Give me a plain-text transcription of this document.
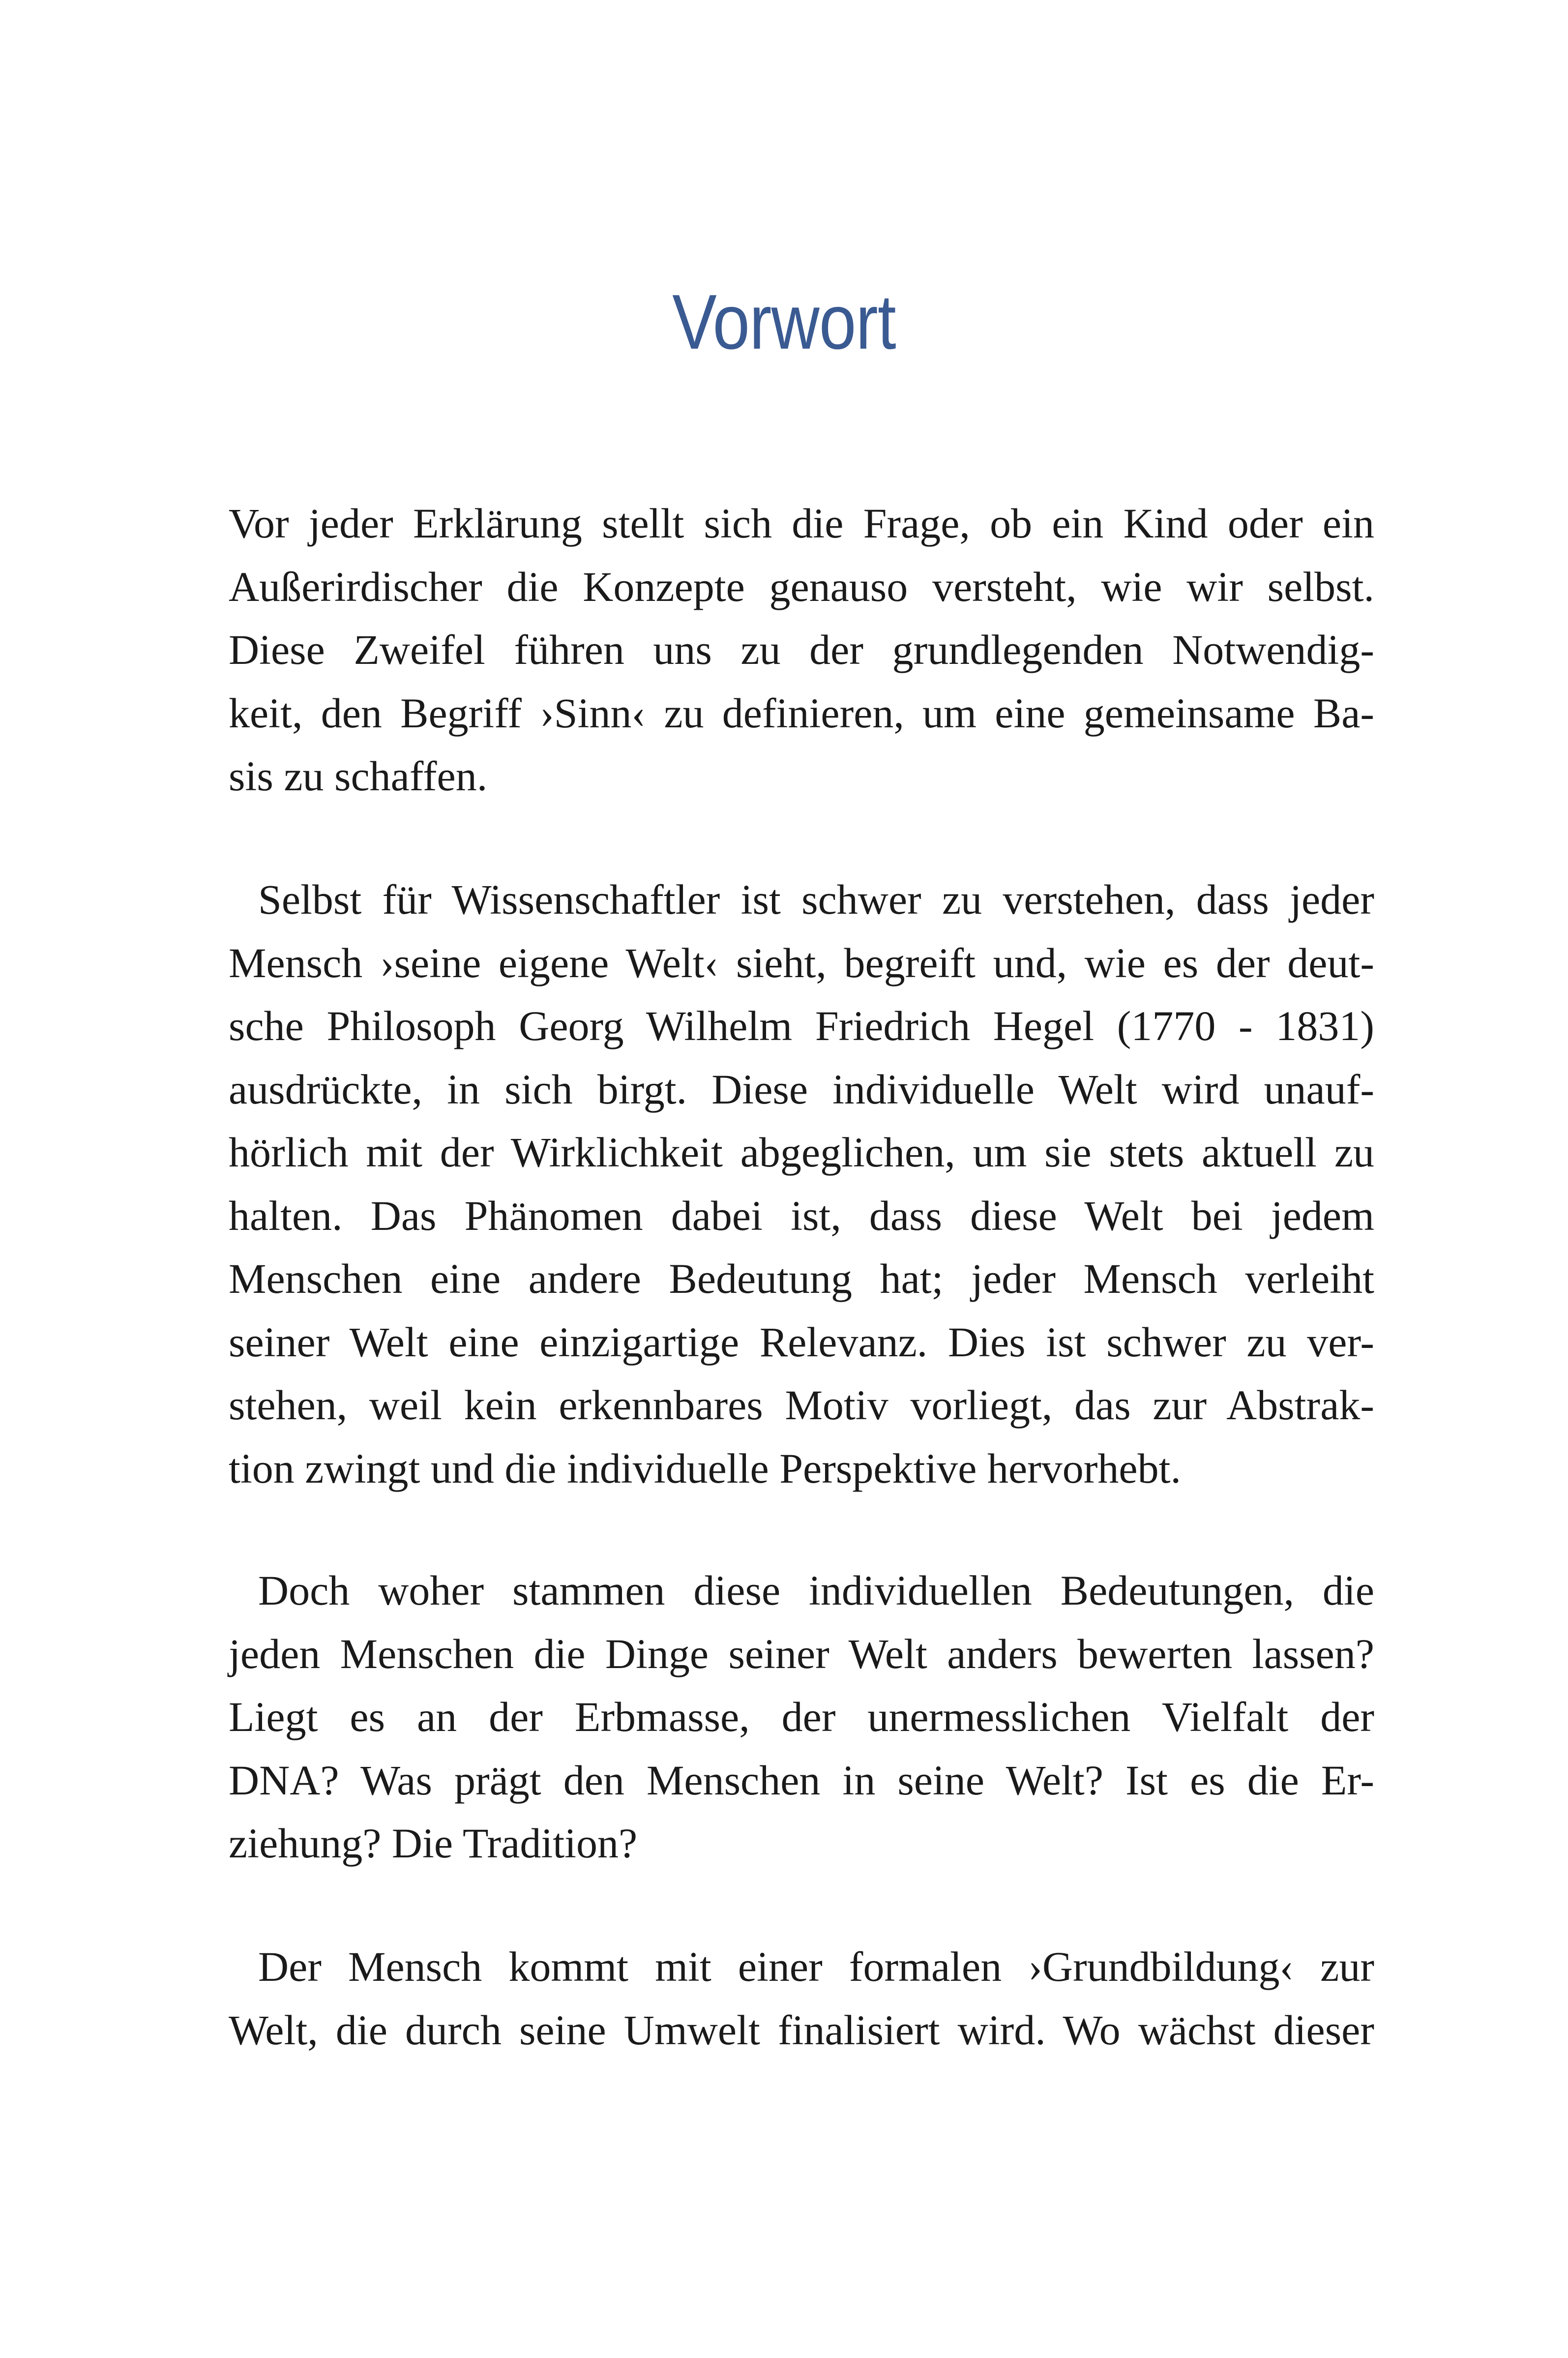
Vorwort
Vor jeder Erklärung stellt sich die Frage, ob ein Kind oder ein
Außerirdischer die Konzepte genauso versteht, wie wir selbst.
Diese Zweifel führen uns zu der grundlegenden Notwendig-
keit, den Begriff ›Sinn‹ zu definieren, um eine gemeinsame Ba-
sis zu schaffen.
Selbst für Wissenschaftler ist schwer zu verstehen, dass jeder
Mensch ›seine eigene Welt‹ sieht, begreift und, wie es der deut-
sche Philosoph Georg Wilhelm Friedrich Hegel (1770 - 1831)
ausdrückte, in sich birgt. Diese individuelle Welt wird unauf-
hörlich mit der Wirklichkeit abgeglichen, um sie stets aktuell zu
halten. Das Phänomen dabei ist, dass diese Welt bei jedem
Menschen eine andere Bedeutung hat; jeder Mensch verleiht
seiner Welt eine einzigartige Relevanz. Dies ist schwer zu ver-
stehen, weil kein erkennbares Motiv vorliegt, das zur Abstrak-
tion zwingt und die individuelle Perspektive hervorhebt.
Doch woher stammen diese individuellen Bedeutungen, die
jeden Menschen die Dinge seiner Welt anders bewerten lassen?
Liegt es an der Erbmasse, der unermesslichen Vielfalt der
DNA? Was prägt den Menschen in seine Welt? Ist es die Er-
ziehung? Die Tradition?
Der Mensch kommt mit einer formalen ›Grundbildung‹ zur
Welt, die durch seine Umwelt finalisiert wird. Wo wächst dieser
